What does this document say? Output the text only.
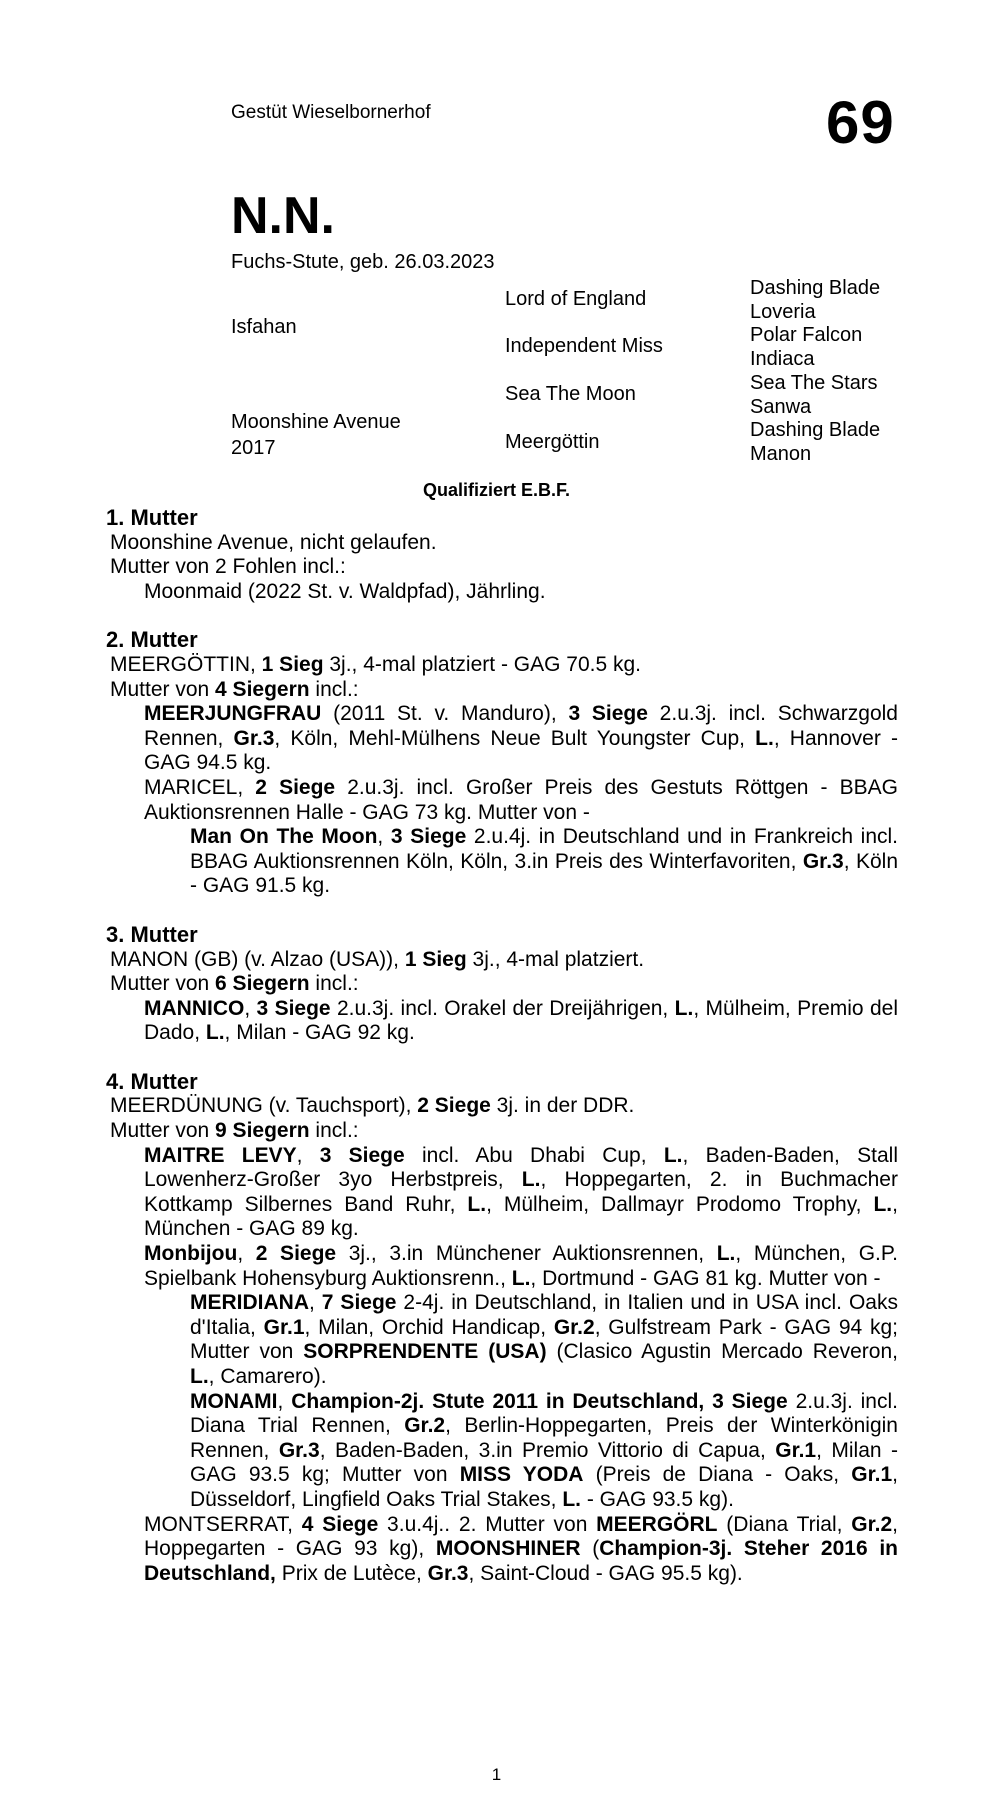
Gestüt Wieselbornerhof	69
N.N.
Fuchs-Stute, geb. 26.03.2023
Isfahan
Moonshine Avenue
2017
Lord of England
Independent Miss
Sea The Moon
Meergöttin
Dashing Blade
Loveria
Polar Falcon
Indiaca
Sea The Stars
Sanwa
Dashing Blade
Manon
Qualifiziert E.B.F.
1. Mutter
Moonshine Avenue, nicht gelaufen.
Mutter von 2 Fohlen incl.:
Moonmaid (2022 St. v. Waldpfad), Jährling.
2. Mutter
MEERGÖTTIN, 1 Sieg 3j., 4-mal platziert - GAG 70.5 kg.
Mutter von 4 Siegern incl.:
MEERJUNGFRAU (2011 St. v. Manduro), 3 Siege 2.u.3j. incl. Schwarzgold Rennen, Gr.3, Köln, Mehl-Mülhens Neue Bult Youngster Cup, L., Hannover - GAG 94.5 kg.
MARICEL, 2 Siege 2.u.3j. incl. Großer Preis des Gestuts Röttgen - BBAG Auktionsrennen Halle - GAG 73 kg. Mutter von -
Man On The Moon, 3 Siege 2.u.4j. in Deutschland und in Frankreich incl. BBAG Auktionsrennen Köln, Köln, 3.in Preis des Winterfavoriten, Gr.3, Köln - GAG 91.5 kg.
3. Mutter
MANON (GB) (v. Alzao (USA)), 1 Sieg 3j., 4-mal platziert.
Mutter von 6 Siegern incl.:
MANNICO, 3 Siege 2.u.3j. incl. Orakel der Dreijährigen, L., Mülheim, Premio del Dado, L., Milan - GAG 92 kg.
4. Mutter
MEERDÜNUNG (v. Tauchsport), 2 Siege 3j. in der DDR.
Mutter von 9 Siegern incl.:
MAITRE LEVY, 3 Siege incl. Abu Dhabi Cup, L., Baden-Baden, Stall Lowenherz-Großer 3yo Herbstpreis, L., Hoppegarten, 2. in Buchmacher Kottkamp Silbernes Band Ruhr, L., Mülheim, Dallmayr Prodomo Trophy, L., München - GAG 89 kg.
Monbijou, 2 Siege 3j., 3.in Münchener Auktionsrennen, L., München, G.P. Spielbank Hohensyburg Auktionsrenn., L., Dortmund - GAG 81 kg. Mutter von -
MERIDIANA, 7 Siege 2-4j. in Deutschland, in Italien und in USA incl. Oaks d'Italia, Gr.1, Milan, Orchid Handicap, Gr.2, Gulfstream Park - GAG 94 kg; Mutter von SORPRENDENTE (USA) (Clasico Agustin Mercado Reveron, L., Camarero).
MONAMI, Champion-2j. Stute 2011 in Deutschland, 3 Siege 2.u.3j. incl. Diana Trial Rennen, Gr.2, Berlin-Hoppegarten, Preis der Winterkönigin Rennen, Gr.3, Baden-Baden, 3.in Premio Vittorio di Capua, Gr.1, Milan - GAG 93.5 kg; Mutter von MISS YODA (Preis de Diana - Oaks, Gr.1, Düsseldorf, Lingfield Oaks Trial Stakes, L. - GAG 93.5 kg).
MONTSERRAT, 4 Siege 3.u.4j.. 2. Mutter von MEERGÖRL (Diana Trial, Gr.2, Hoppegarten - GAG 93 kg), MOONSHINER (Champion-3j. Steher 2016 in Deutschland, Prix de Lutèce, Gr.3, Saint-Cloud - GAG 95.5 kg).
1
